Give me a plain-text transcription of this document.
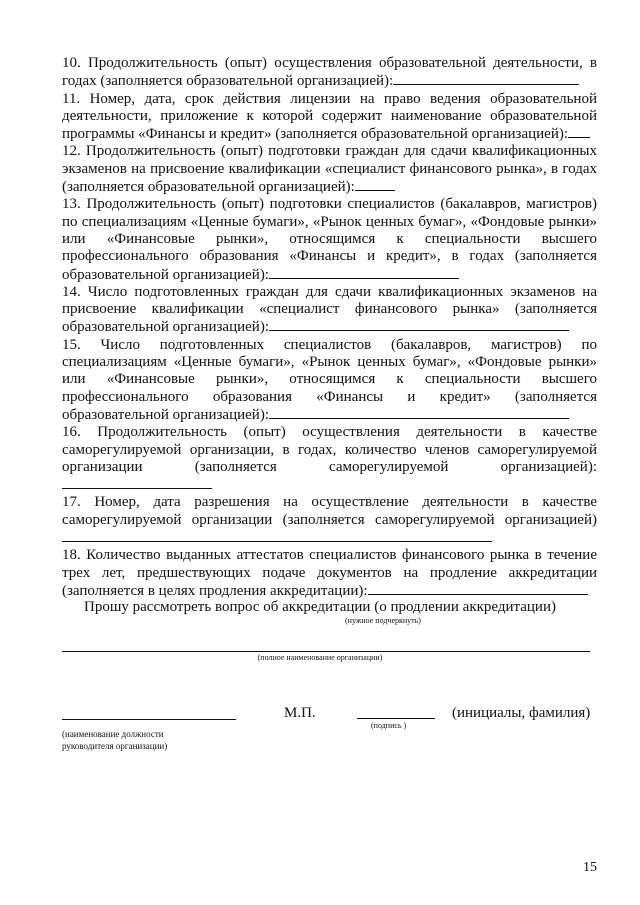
10. Продолжительность (опыт) осуществления образовательной деятельности, в годах (заполняется образовательной организацией):

11. Номер, дата, срок действия лицензии на право ведения образовательной деятельности, приложение к которой содержит наименование образовательной программы «Финансы и кредит» (заполняется образовательной организацией):

12. Продолжительность (опыт) подготовки граждан для сдачи квалификационных экзаменов на присвоение квалификации «специалист финансового рынка», в годах (заполняется образовательной организацией):

13. Продолжительность (опыт) подготовки специалистов (бакалавров, магистров) по специализациям «Ценные бумаги», «Рынок ценных бумаг», «Фондовые рынки» или «Финансовые рынки», относящимся к специальности высшего профессионального образования «Финансы и кредит», в годах (заполняется образовательной организацией):

14. Число подготовленных граждан для сдачи квалификационных экзаменов на присвоение квалификации «специалист финансового рынка» (заполняется образовательной организацией):

15. Число подготовленных специалистов (бакалавров, магистров) по специализациям «Ценные бумаги», «Рынок ценных бумаг», «Фондовые рынки» или «Финансовые рынки», относящимся к специальности высшего профессионального образования «Финансы и кредит» (заполняется образовательной организацией):

16. Продолжительность (опыт) осуществления деятельности в качестве саморегулируемой организации, в годах, количество членов саморегулируемой организации (заполняется саморегулируемой организацией):

17. Номер, дата разрешения на осуществление деятельности в качестве саморегулируемой организации (заполняется саморегулируемой организацией)

18. Количество выданных аттестатов специалистов финансового рынка в течение трех лет, предшествующих подаче документов на продление аккредитации (заполняется в целях продления аккредитации):

Прошу рассмотреть вопрос об аккредитации (о продлении аккредитации)
(нужное подчеркнуть)
(полное наименование организации)
М.П.
(подпись )
(инициалы, фамилия)
(наименование должности
руководителя организации)
15
